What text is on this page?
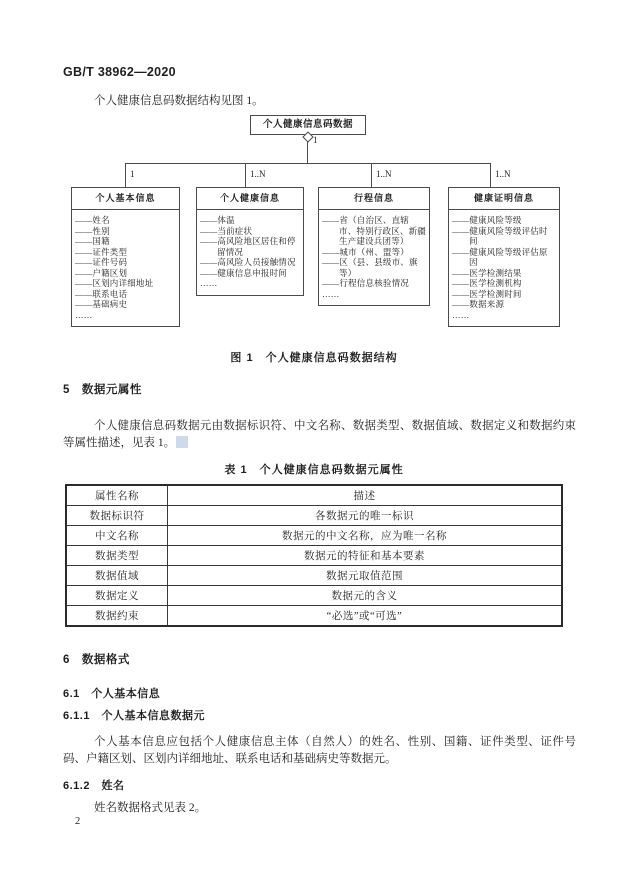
GB/T 38962—2020
个人健康信息码数据结构见图 1。
个人健康信息码数据
1
1	1..N	1..N	1..N
个人基本信息
——姓名
——性别
——国籍
——证件类型
——证件号码
——户籍区划
——区划内详细地址
——联系电话
——基础病史
……
个人健康信息
——体温
——当前症状
——高风险地区居住和停留情况
——高风险人员接触情况
——健康信息申报时间
……
行程信息
——省（自治区、直辖市、特别行政区、新疆生产建设兵团等）
——城市（州、盟等）
——区（县、县级市、旗等）
——行程信息核验情况
……
健康证明信息
——健康风险等级
——健康风险等级评估时间
——健康风险等级评估原因
——医学检测结果
——医学检测机构
——医学检测时间
——数据来源
……
图 1　个人健康信息码数据结构
5　数据元属性
个人健康信息码数据元由数据标识符、中文名称、数据类型、数据值域、数据定义和数据约束等属性描述，见表 1。
表 1　个人健康信息码数据元属性
属性名称	描述
数据标识符	各数据元的唯一标识
中文名称	数据元的中文名称，应为唯一名称
数据类型	数据元的特征和基本要素
数据值域	数据元取值范围
数据定义	数据元的含义
数据约束	“必选”或“可选”
6　数据格式
6.1　个人基本信息
6.1.1　个人基本信息数据元
个人基本信息应包括个人健康信息主体（自然人）的姓名、性别、国籍、证件类型、证件号码、户籍区划、区划内详细地址、联系电话和基础病史等数据元。
6.1.2　姓名
姓名数据格式见表 2。
2
